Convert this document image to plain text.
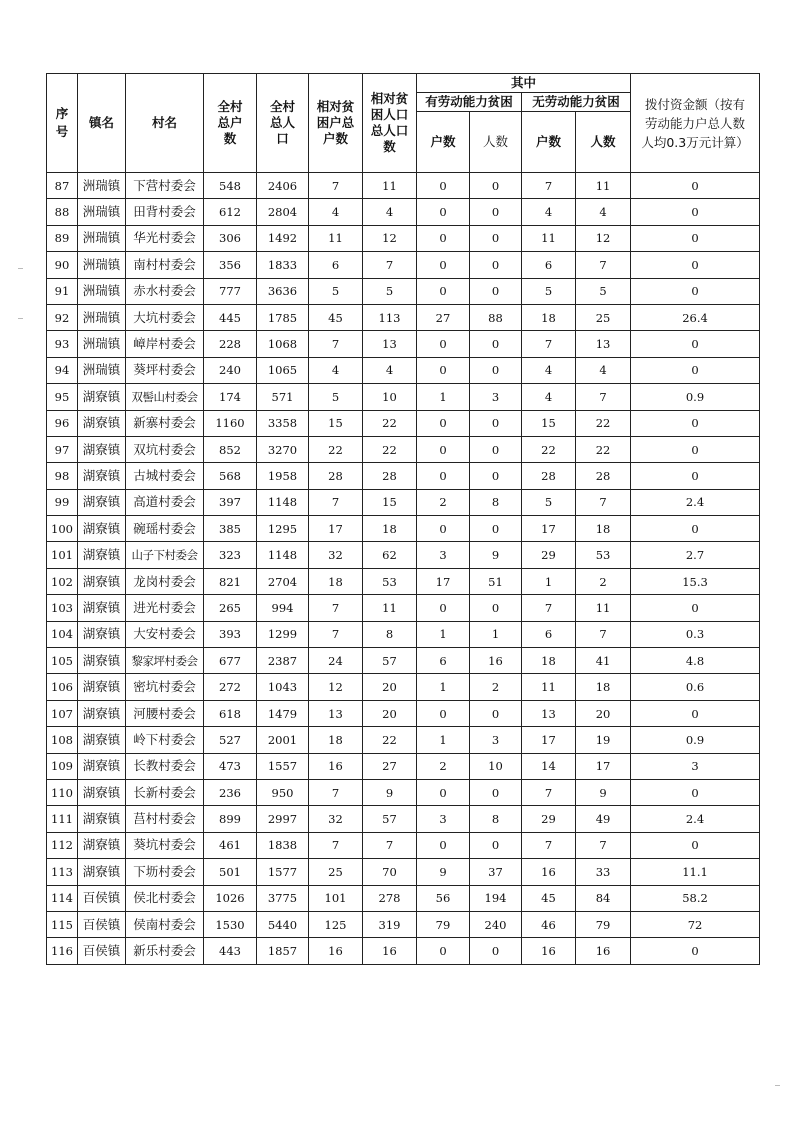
序号	镇名	村名	全村总户数	全村总人口	相对贫困户总户数	相对贫困人口总人口数	其中				拨付资金额（按有劳动能力户总人数人均0.3万元计算）
							有劳动能力贫困		无劳动能力贫困		
							户数	人数	户数	人数	
87	洲瑞镇	下营村委会	548	2406	7	11	0	0	7	11	0
88	洲瑞镇	田背村委会	612	2804	4	4	0	0	4	4	0
89	洲瑞镇	华光村委会	306	1492	11	12	0	0	11	12	0
90	洲瑞镇	南村村委会	356	1833	6	7	0	0	6	7	0
91	洲瑞镇	赤水村委会	777	3636	5	5	0	0	5	5	0
92	洲瑞镇	大坑村委会	445	1785	45	113	27	88	18	25	26.4
93	洲瑞镇	嶂岸村委会	228	1068	7	13	0	0	7	13	0
94	洲瑞镇	葵坪村委会	240	1065	4	4	0	0	4	4	0
95	湖寮镇	双髻山村委会	174	571	5	10	1	3	4	7	0.9
96	湖寮镇	新寨村委会	1160	3358	15	22	0	0	15	22	0
97	湖寮镇	双坑村委会	852	3270	22	22	0	0	22	22	0
98	湖寮镇	古城村委会	568	1958	28	28	0	0	28	28	0
99	湖寮镇	高道村委会	397	1148	7	15	2	8	5	7	2.4
100	湖寮镇	碗瑶村委会	385	1295	17	18	0	0	17	18	0
101	湖寮镇	山子下村委会	323	1148	32	62	3	9	29	53	2.7
102	湖寮镇	龙岗村委会	821	2704	18	53	17	51	1	2	15.3
103	湖寮镇	进光村委会	265	994	7	11	0	0	7	11	0
104	湖寮镇	大安村委会	393	1299	7	8	1	1	6	7	0.3
105	湖寮镇	黎家坪村委会	677	2387	24	57	6	16	18	41	4.8
106	湖寮镇	密坑村委会	272	1043	12	20	1	2	11	18	0.6
107	湖寮镇	河腰村委会	618	1479	13	20	0	0	13	20	0
108	湖寮镇	岭下村委会	527	2001	18	22	1	3	17	19	0.9
109	湖寮镇	长教村委会	473	1557	16	27	2	10	14	17	3
110	湖寮镇	长新村委会	236	950	7	9	0	0	7	9	0
111	湖寮镇	莒村村委会	899	2997	32	57	3	8	29	49	2.4
112	湖寮镇	葵坑村委会	461	1838	7	7	0	0	7	7	0
113	湖寮镇	下坜村委会	501	1577	25	70	9	37	16	33	11.1
114	百侯镇	侯北村委会	1026	3775	101	278	56	194	45	84	58.2
115	百侯镇	侯南村委会	1530	5440	125	319	79	240	46	79	72
116	百侯镇	新乐村委会	443	1857	16	16	0	0	16	16	0
